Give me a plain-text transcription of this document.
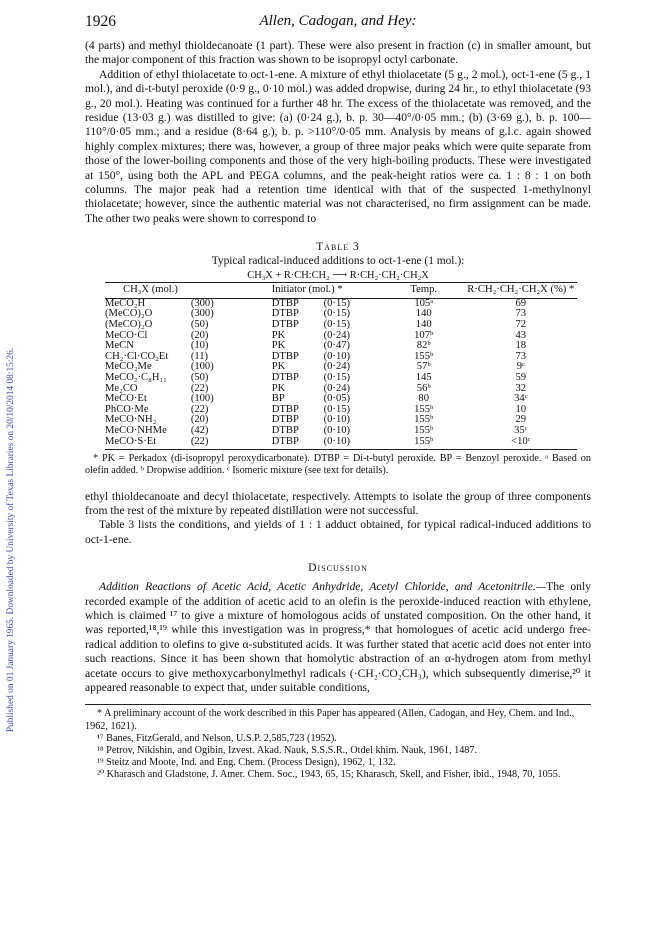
Published on 01 January 1965. Downloaded by University of Texas Libraries on 20/10/2014 08:15:26.
1926	Allen, Cadogan, and Hey:

(4 parts) and methyl thioldecanoate (1 part). These were also present in fraction (c) in smaller amount, but the major component of this fraction was shown to be isopropyl octyl carbonate.

Addition of ethyl thiolacetate to oct-1-ene. A mixture of ethyl thiolacetate (5 g., 2 mol.), oct-1-ene (5 g., 1 mol.), and di-t-butyl peroxide (0·9 g., 0·10 mol.) was added dropwise, during 24 hr., to ethyl thiolacetate (93 g., 20 mol.). Heating was continued for a further 48 hr. The excess of the thiolacetate was removed, and the residue (13·03 g.) was distilled to give: (a) (0·24 g.), b. p. 30—40°/0·05 mm.; (b) (3·69 g.), b. p. 100—110°/0·05 mm.; and a residue (8·64 g.), b. p. >110°/0·05 mm. Analysis by means of g.l.c. again showed highly complex mixtures; there was, however, a group of three major peaks which were quite separate from those of the lower-boiling components and those of the very high-boiling products. These were investigated at 150°, using both the APL and PEGA columns, and the peak-height ratios were ca. 1 : 8 : 1 on both columns. The major peak had a retention time identical with that of the suspected 1-methylnonyl thiolacetate; however, since the authentic material was not characterised, no firm assignment can be made. The other two peaks were shown to correspond to

Table 3
Typical radical-induced additions to oct-1-ene (1 mol.):
CH₃X + R·CH:CH₂ ⟶ R·CH₂·CH₂·CH₂X
CH₃X (mol.)		Initiator (mol.) *		Temp.	R·CH₂·CH₂·CH₂X (%) *
MeCO₂H	(300)	DTBP	(0·15)	105ᵃ	69
(MeCO)₂O	(300)	DTBP	(0·15)	140	73
(MeCO)₂O	(50)	DTBP	(0·15)	140	72
MeCO·Cl	(20)	PK	(0·24)	107ᵇ	43
MeCN	(10)	PK	(0·47)	82ᵇ	18
CH₂·Cl·CO₂Et	(11)	DTBP	(0·10)	155ᵇ	73
MeCO₂Me	(100)	PK	(0·24)	57ᵇ	9ᶜ
MeCO₂·C₈H₁₁	(50)	DTBP	(0·15)	145	59
Me₂CO	(22)	PK	(0·24)	56ᵇ	32
MeCO·Et	(100)	BP	(0·05)	80	34ᶜ
PhCO·Me	(22)	DTBP	(0·15)	155ᵇ	10
MeCO·NH₂	(20)	DTBP	(0·10)	155ᵇ	29
MeCO·NHMe	(42)	DTBP	(0·10)	155ᵇ	35ᶜ
MeCO·S·Et	(22)	DTBP	(0·10)	155ᵇ	<10ᶜ

* PK = Perkadox (di-isopropyl peroxydicarbonate). DTBP = Di-t-butyl peroxide. BP = Benzoyl peroxide. ᵃ Based on olefin added. ᵇ Dropwise addition. ᶜ Isomeric mixture (see text for details).

ethyl thioldecanoate and decyl thiolacetate, respectively. Attempts to isolate the group of three components from the rest of the mixture by repeated distillation were not successful.

Table 3 lists the conditions, and yields of 1 : 1 adduct obtained, for typical radical-induced additions to oct-1-ene.

Discussion

Addition Reactions of Acetic Acid, Acetic Anhydride, Acetyl Chloride, and Acetonitrile.—The only recorded example of the addition of acetic acid to an olefin is the peroxide-induced reaction with ethylene, which is claimed ¹⁷ to give a mixture of homologous acids of unstated composition. On the other hand, it was reported,¹⁸,¹⁹ while this investigation was in progress,* that homologues of acetic acid undergo free-radical addition to olefins to give α-substituted acids. It was further stated that acetic acid does not enter into such reactions. Since it has been shown that homolytic abstraction of an α-hydrogen atom from methyl acetate occurs to give methoxycarbonylmethyl radicals (·CH₂·CO₂CH₃), which subsequently dimerise,²⁰ it appeared reasonable to expect that, under suitable conditions,

* A preliminary account of the work described in this Paper has appeared (Allen, Cadogan, and Hey, Chem. and Ind., 1962, 1621).

¹⁷ Banes, FitzGerald, and Nelson, U.S.P. 2,585,723 (1952).

¹⁸ Petrov, Nikishin, and Ogibin, Izvest. Akad. Nauk, S.S.S.R., Otdel khim. Nauk, 1961, 1487.

¹⁹ Steitz and Moote, Ind. and Eng. Chem. (Process Design), 1962, 1, 132.

²⁰ Kharasch and Gladstone, J. Amer. Chem. Soc., 1943, 65, 15; Kharasch, Skell, and Fisher, ibid., 1948, 70, 1055.
